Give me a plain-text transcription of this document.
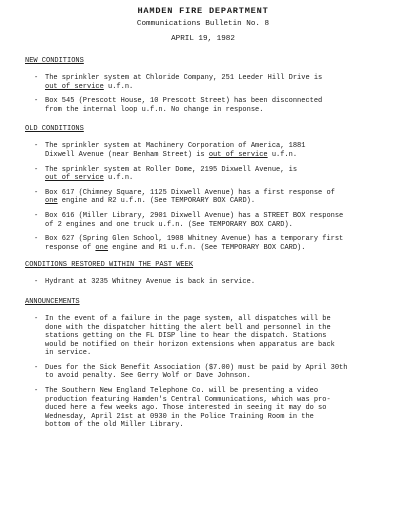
HAMDEN FIRE DEPARTMENT

Communications Bulletin No. 8

APRIL 19, 1982

NEW CONDITIONS

- The sprinkler system at Chloride Company, 251 Leeder Hill Drive is
out of service u.f.n.
- Box 545 (Prescott House, 10 Prescott Street) has been disconnected
from the internal loop u.f.n. No change in response.

OLD CONDITIONS

- The sprinkler system at Machinery Corporation of America, 1881
Dixwell Avenue (near Benham Street) is out of service u.f.n.
- The sprinkler system at Roller Dome, 2195 Dixwell Avenue, is
out of service u.f.n.
- Box 617 (Chimney Square, 1125 Dixwell Avenue) has a first response of
one engine and R2 u.f.n. (See TEMPORARY BOX CARD).
- Box 616 (Miller Library, 2901 Dixwell Avenue) has a STREET BOX response
of 2 engines and one truck u.f.n. (See TEMPORARY BOX CARD).
- Box 627 (Spring Glen School, 1908 Whitney Avenue) has a temporary first
response of one engine and R1 u.f.n. (See TEMPORARY BOX CARD).

CONDITIONS RESTORED WITHIN THE PAST WEEK

- Hydrant at 3235 Whitney Avenue is back in service.

ANNOUNCEMENTS

- In the event of a failure in the page system, all dispatches will be
done with the dispatcher hitting the alert bell and personnel in the
stations getting on the FL DISP line to hear the dispatch. Stations
would be notified on their horizon extensions when apparatus are back
in service.
- Dues for the Sick Benefit Association ($7.00) must be paid by April 30th
to avoid penalty. See Gerry Wolf or Dave Johnson.
- The Southern New England Telephone Co. will be presenting a video
production featuring Hamden's Central Communications, which was pro-
duced here a few weeks ago. Those interested in seeing it may do so
Wednesday, April 21st at 0930 in the Police Training Room in the
bottom of the old Miller Library.
